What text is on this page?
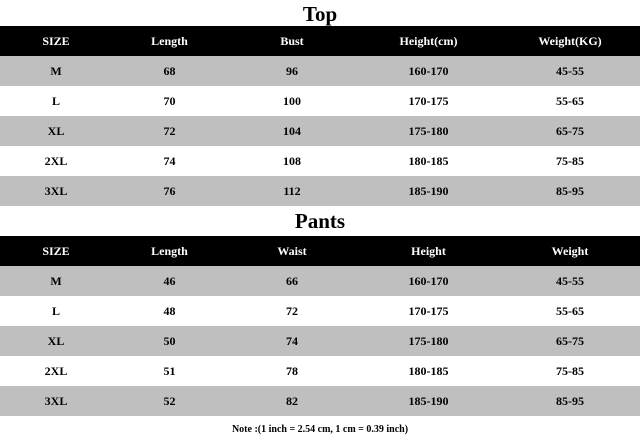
Top
SIZE	Length	Bust	Height(cm)	Weight(KG)
M	68	96	160-170	45-55
L	70	100	170-175	55-65
XL	72	104	175-180	65-75
2XL	74	108	180-185	75-85
3XL	76	112	185-190	85-95
Pants
SIZE	Length	Waist	Height	Weight
M	46	66	160-170	45-55
L	48	72	170-175	55-65
XL	50	74	175-180	65-75
2XL	51	78	180-185	75-85
3XL	52	82	185-190	85-95
Note :(1 inch = 2.54 cm, 1 cm = 0.39 inch)
